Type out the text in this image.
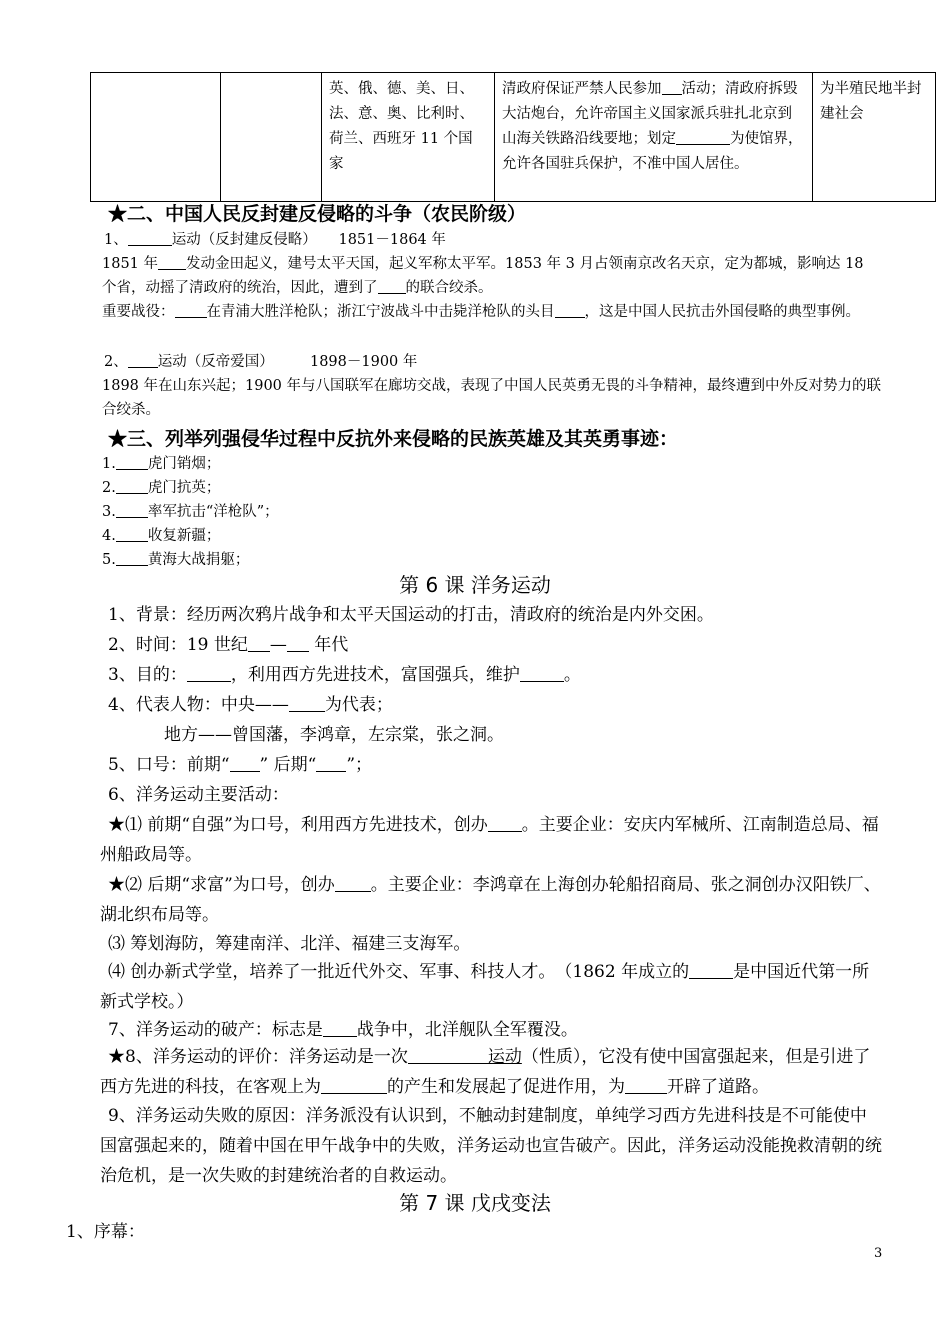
		英、俄、德、美、日、法、意、奥、比利时、荷兰、西班牙 11 个国家	清政府保证严禁人民参加 活动；清政府拆毁大沽炮台，允许帝国主义国家派兵驻扎北京到山海关铁路沿线要地；划定	为使馆界，允许各国驻兵保护，不准中国人居住。	为半殖民地半封建社会
★二、中国人民反封建反侵略的斗争（农民阶级）
1、	运动（反封建反侵略）　　1851－1864 年
1851 年 发动金田起义，建号太平天国，起义军称太平军。1853 年 3 月占领南京改名天京，定为都城，影响达 18 个省，动摇了清政府的统治，因此，遭到了 的联合绞杀。
重要战役： 在青浦大胜洋枪队；浙江宁波战斗中击毙洋枪队的头目 ，这是中国人民抗击外国侵略的典型事例。
2、 运动（反帝爱国）　　　1898－1900 年
1898 年在山东兴起；1900 年与八国联军在廊坊交战，表现了中国人民英勇无畏的斗争精神，最终遭到中外反对势力的联合绞杀。
★三、列举列强侵华过程中反抗外来侵略的民族英雄及其英勇事迹：
1. 虎门销烟；
2. 虎门抗英；
3. 率军抗击“洋枪队”；
4. 收复新疆；
5. 黄海大战捐躯；
第 6 课 洋务运动
1、背景：经历两次鸦片战争和太平天国运动的打击，清政府的统治是内外交困。
2、时间：19 世纪 — 年代
3、目的：	，利用西方先进技术，富国强兵，维护	。
4、代表人物：中央—— 为代表；
地方——曾国藩，李鸿章，左宗棠，张之洞。
5、口号：前期“ ” 后期“ ”；
6、洋务运动主要活动：
★⑴ 前期“自强”为口号，利用西方先进技术，创办 。主要企业：安庆内军械所、江南制造总局、福州船政局等。
★⑵ 后期“求富”为口号，创办 。主要企业：李鸿章在上海创办轮船招商局、张之洞创办汉阳铁厂、湖北织布局等。
⑶ 筹划海防，筹建南洋、北洋、福建三支海军。
⑷ 创办新式学堂，培养了一批近代外交、军事、科技人才。　（1862 年成立的	是中国近代第一所新式学校。）
7、洋务运动的破产：标志是 战争中，北洋舰队全军覆没。
★8、洋务运动的评价：洋务运动是一次	运动（性质），它没有使中国富强起来，但是引进了西方先进的科技，在客观上为	的产生和发展起了促进作用，为 开辟了道路。
9、洋务运动失败的原因：洋务派没有认识到，不触动封建制度，单纯学习西方先进科技是不可能使中国富强起来的，随着中国在甲午战争中的失败，洋务运动也宣告破产。因此，洋务运动没能挽救清朝的统治危机，是一次失败的封建统治者的自救运动。
第 7 课 戊戌变法
1、序幕：
3
